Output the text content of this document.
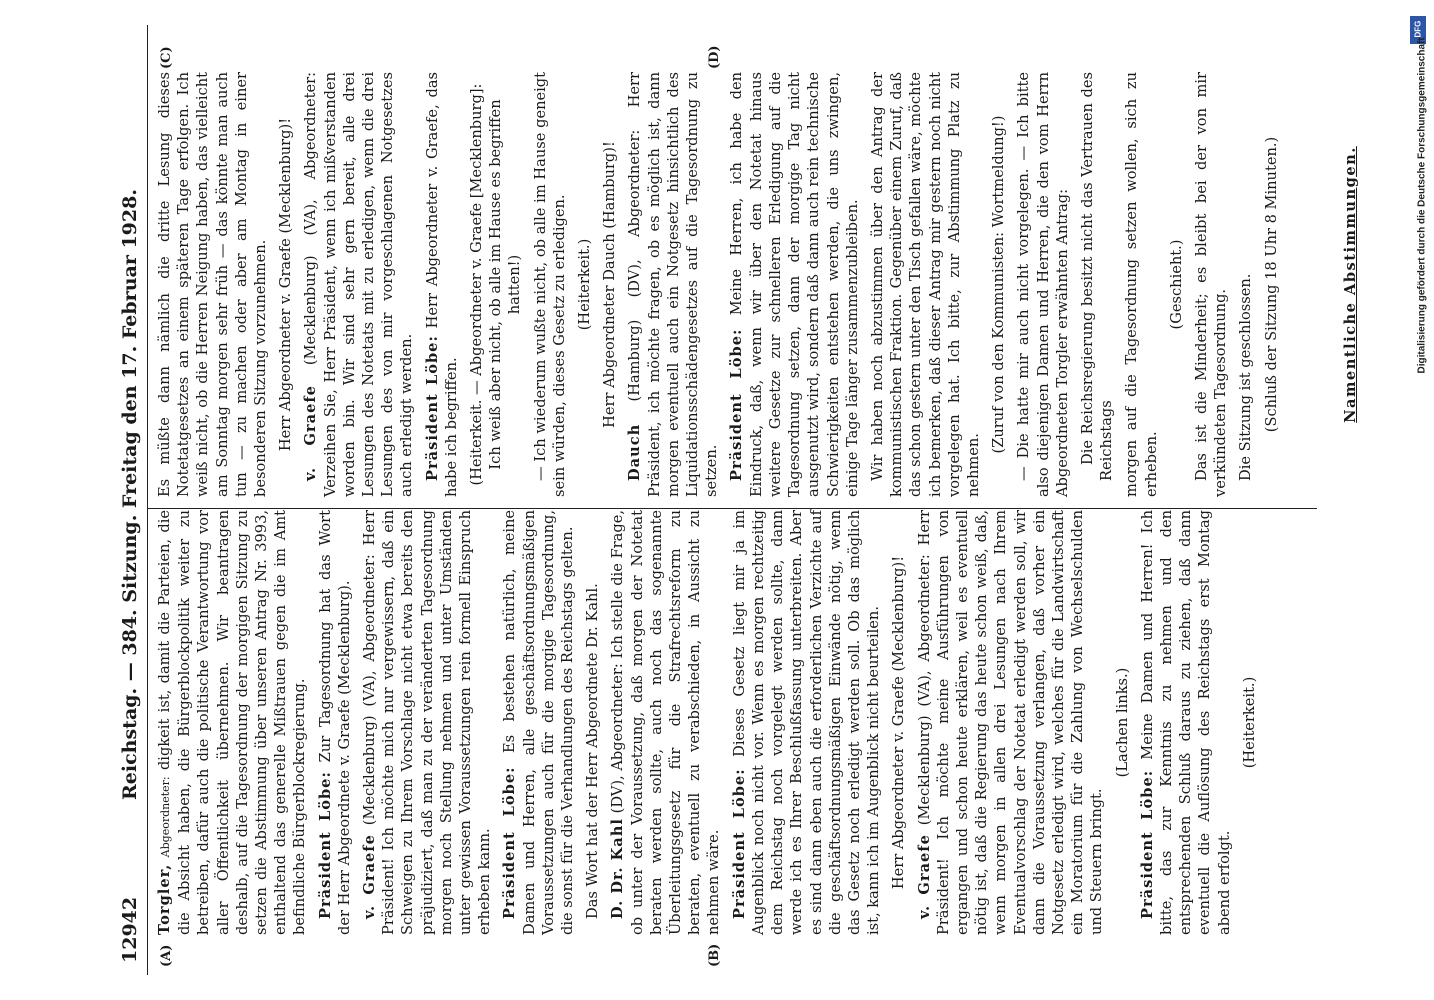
12942
Reichstag. — 384. Sitzung. Freitag den 17. Februar 1928.
(A)	(B)
(C)	(D)

Torgler, Abgeordneter: digkeit ist, damit die Parteien, die die Absicht haben, die Bürgerblockpolitik weiter zu betreiben, dafür auch die politische Verantwortung vor aller Öffentlichkeit übernehmen. Wir beantragen deshalb, auf die Tagesordnung der morgigen Sitzung zu setzen die Abstimmung über unseren Antrag Nr. 3993, enthaltend das generelle Mißtrauen gegen die im Amt befindliche Bürgerblockregierung. Präsident Löbe: Zur Tagesordnung hat das Wort der Herr Abgeordnete v. Graefe (Mecklenburg). v. Graefe (Mecklenburg) (VA), Abgeordneter: Herr Präsident! Ich möchte mich nur vergewissern, daß ein Schweigen zu Ihrem Vorschlage nicht etwa bereits den präjudiziert, daß man zu der veränderten Tagesordnung morgen noch Stellung nehmen und unter Umständen unter gewissen Voraussetzungen rein formell Einspruch erheben kann. Präsident Löbe: Es bestehen natürlich, meine Damen und Herren, alle geschäftsordnungsmäßigen Voraussetzungen auch für die morgige Tagesordnung, die sonst für die Verhandlungen des Reichstags gelten. Das Wort hat der Herr Abgeordnete Dr. Kahl. D. Dr. Kahl (DV), Abgeordneter: Ich stelle die Frage, ob unter der Voraussetzung, daß morgen der Notetat beraten werden sollte, auch noch das sogenannte Überleitungsgesetz für die Strafrechtsreform zu beraten, eventuell zu verabschieden, in Aussicht zu nehmen wäre. Präsident Löbe: Dieses Gesetz liegt mir ja im Augenblick noch nicht vor. Wenn es morgen rechtzeitig dem Reichstag noch vorgelegt werden sollte, dann werde ich es Ihrer Beschlußfassung unterbreiten. Aber es sind dann eben auch die erforderlichen Verzichte auf die geschäftsordnungsmäßigen Einwände nötig, wenn das Gesetz noch erledigt werden soll. Ob das möglich ist, kann ich im Augenblick nicht beurteilen. Herr Abgeordneter v. Graefe (Mecklenburg)! v. Graefe (Mecklenburg) (VA), Abgeordneter: Herr Präsident! Ich möchte meine Ausführungen von ergangen und schon heute erklären, weil es eventuell nötig ist, daß die Regierung das heute schon weiß, daß, wenn morgen in allen drei Lesungen nach Ihrem Eventualvorschlag der Notetat erledigt werden soll, wir dann die Voraussetzung verlangen, daß vorher ein Notgesetz erledigt wird, welches für die Landwirtschaft ein Moratorium für die Zahlung von Wechselschulden und Steuern bringt.

(Lachen links.)

Präsident Löbe: Meine Damen und Herren! Ich bitte, das zur Kenntnis zu nehmen und den entsprechenden Schluß daraus zu ziehen, daß dann eventuell die Auflösung des Reichstags erst Montag abend erfolgt.

(Heiterkeit.)

Es müßte dann nämlich die dritte Lesung dieses Notetatgesetzes an einem späteren Tage erfolgen. Ich weiß nicht, ob die Herren Neigung haben, das vielleicht am Sonntag morgen sehr früh — das könnte man auch tun — zu machen oder aber am Montag in einer besonderen Sitzung vorzunehmen. Herr Abgeordneter v. Graefe (Mecklenburg)! v. Graefe (Mecklenburg) (VA), Abgeordneter: Verzeihen Sie, Herr Präsident, wenn ich mißverstanden worden bin. Wir sind sehr gern bereit, alle drei Lesungen des Notetats mit zu erledigen, wenn die drei Lesungen des von mir vorgeschlagenen Notgesetzes auch erledigt werden. Präsident Löbe: Herr Abgeordneter v. Graefe, das habe ich begriffen. (Heiterkeit. — Abgeordneter v. Graefe [Mecklenburg]: Ich weiß aber nicht, ob alle im Hause es begriffen hatten!) — Ich wiederum wußte nicht, ob alle im Hause geneigt sein würden, dieses Gesetz zu erledigen. (Heiterkeit.) Herr Abgeordneter Dauch (Hamburg)!

Dauch (Hamburg) (DV), Abgeordneter: Herr Präsident, ich möchte fragen, ob es möglich ist, dann morgen eventuell auch ein Notgesetz hinsichtlich des Liquidationsschädengesetzes auf die Tagesordnung zu setzen. Präsident Löbe: Meine Herren, ich habe den Eindruck, daß, wenn wir über den Notetat hinaus weitere Gesetze zur schnelleren Erledigung auf die Tagesordnung setzen, dann der morgige Tag nicht ausgenutzt wird, sondern daß dann auch rein technische Schwierigkeiten entstehen werden, die uns zwingen, einige Tage länger zusammenzubleiben. Wir haben noch abzustimmen über den Antrag der kommunistischen Fraktion. Gegenüber einem Zuruf, daß das schon gestern unter den Tisch gefallen wäre, möchte ich bemerken, daß dieser Antrag mir gestern noch nicht vorgelegen hat. Ich bitte, zur Abstimmung Platz zu nehmen.

(Zuruf von den Kommunisten: Wortmeldung!) — Die hatte mir auch nicht vorgelegen. — Ich bitte also diejenigen Damen und Herren, die den vom Herrn Abgeordneten Torgler erwähnten Antrag: Die Reichsregierung besitzt nicht das Vertrauen des Reichstags morgen auf die Tagesordnung setzen wollen, sich zu erheben.

(Geschieht.) Das ist die Minderheit; es bleibt bei der von mir verkündeten Tagesordnung. Die Sitzung ist geschlossen. (Schluß der Sitzung 18 Uhr 8 Minuten.)	Namentliche Abstimmungen.

DFG
Digitalisierung gefördert durch die Deutsche Forschungsgemeinschaft
